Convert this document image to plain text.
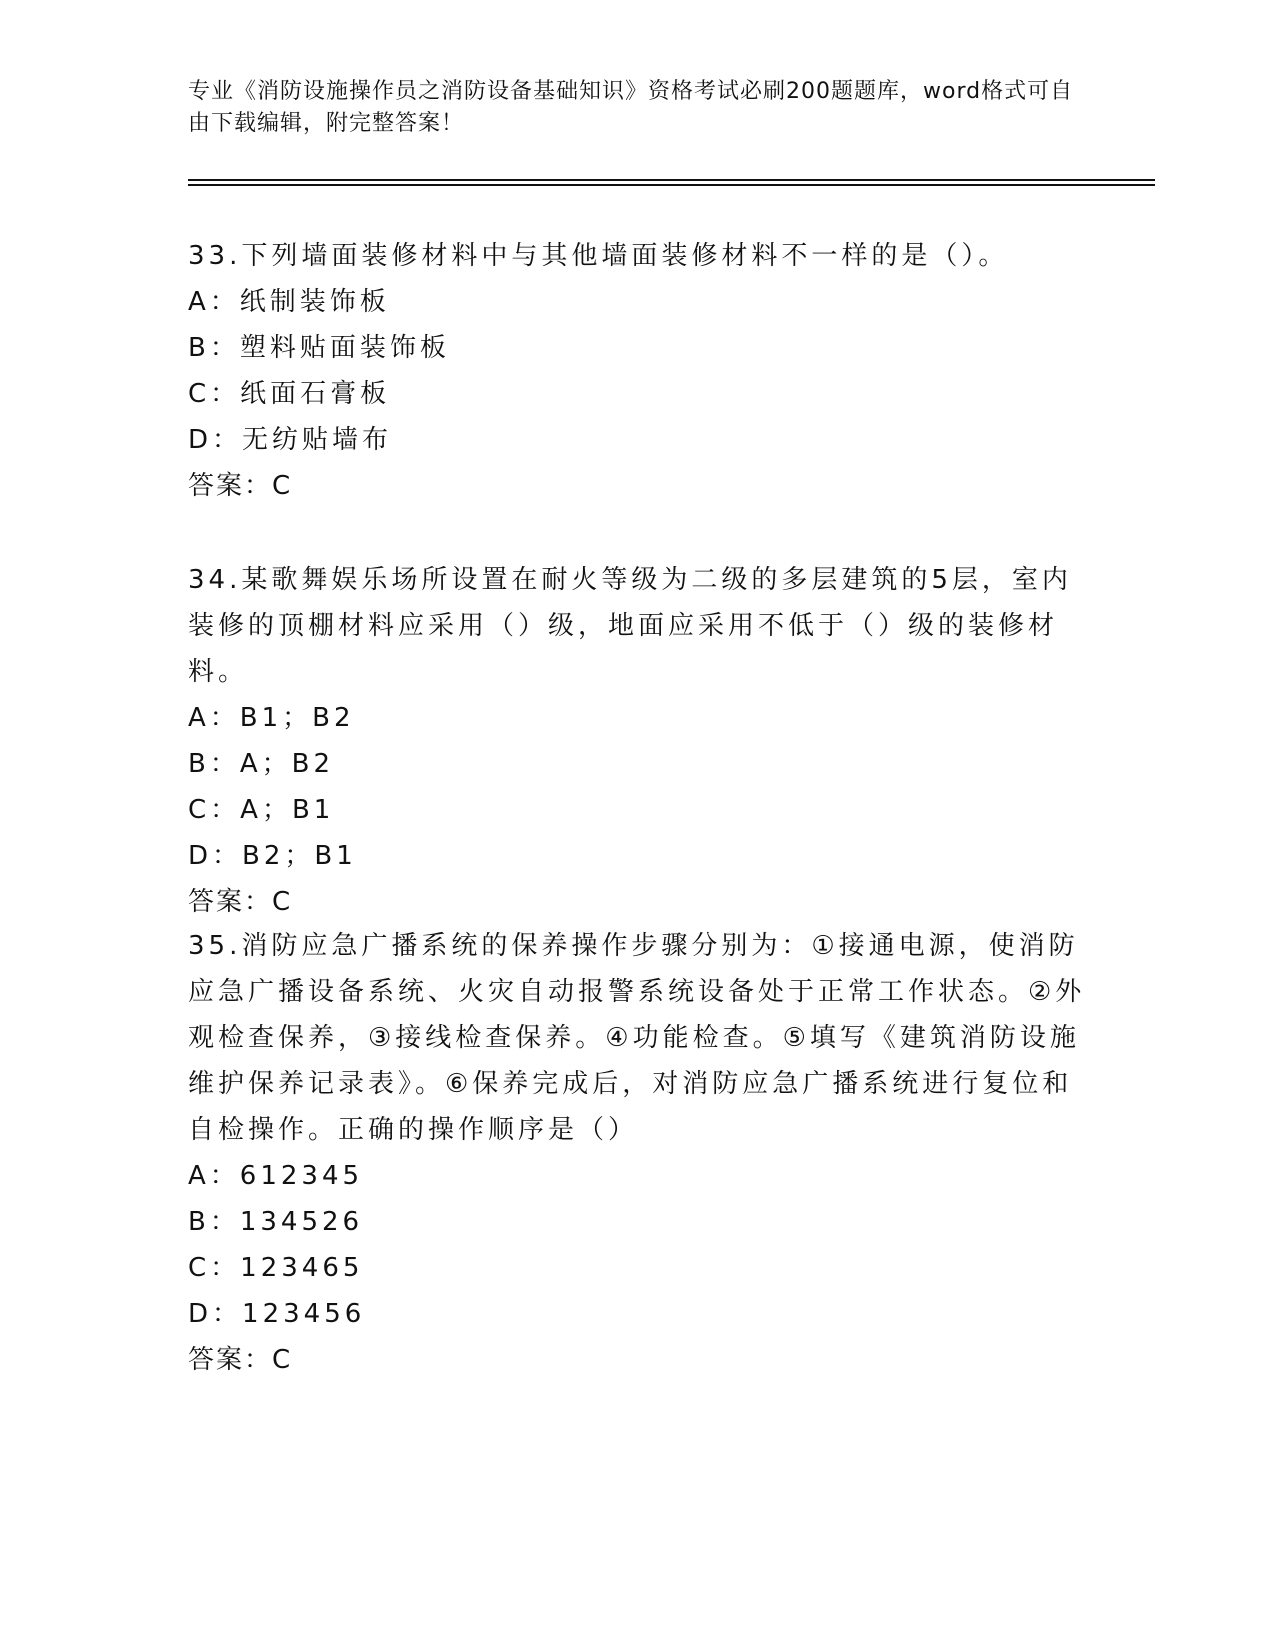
专业《消防设施操作员之消防设备基础知识》资格考试必刷200题题库，word格式可自由下载编辑，附完整答案！

33.下列墙面装修材料中与其他墙面装修材料不一样的是（）。

A：纸制装饰板

B：塑料贴面装饰板

C：纸面石膏板

D：无纺贴墙布

答案：C

34.某歌舞娱乐场所设置在耐火等级为二级的多层建筑的5层，室内装修的顶棚材料应采用（）级，地面应采用不低于（）级的装修材料。

A：B1；B2

B：A；B2

C：A；B1

D：B2；B1

答案：C

35.消防应急广播系统的保养操作步骤分别为：①接通电源，使消防应急广播设备系统、火灾自动报警系统设备处于正常工作状态。②外观检查保养，③接线检查保养。④功能检查。⑤填写《建筑消防设施维护保养记录表》。⑥保养完成后，对消防应急广播系统进行复位和自检操作。正确的操作顺序是（）

A：612345

B：134526

C：123465

D：123456

答案：C
